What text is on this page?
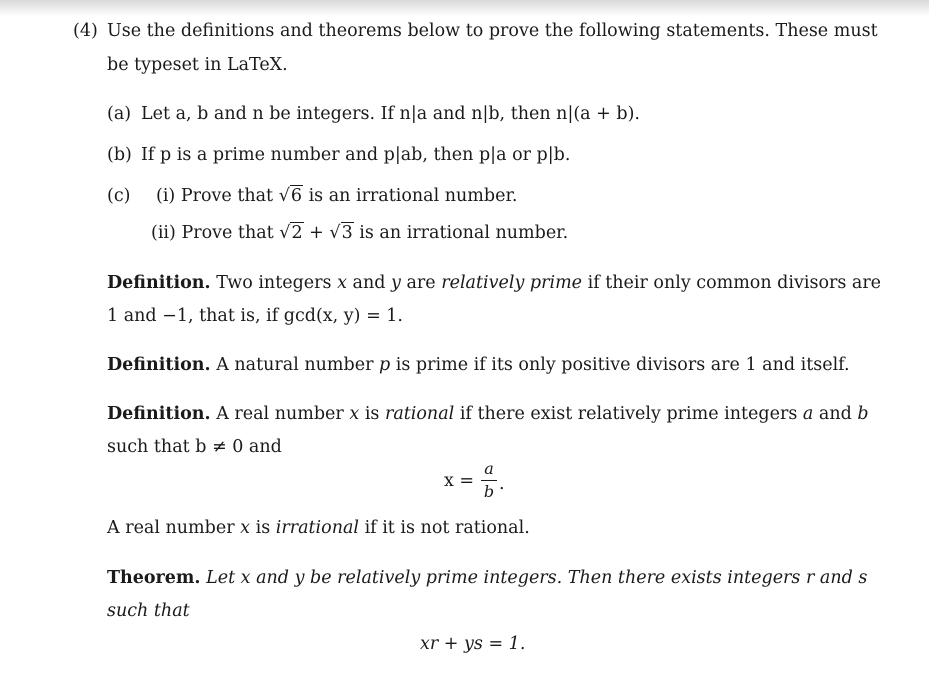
(4) Use the definitions and theorems below to prove the following statements. These must
be typeset in LaTeX.
(a) Let a, b and n be integers. If n|a and n|b, then n|(a + b).
(b) If p is a prime number and p|ab, then p|a or p|b.
(c) (i) Prove that √6 is an irrational number.
(ii) Prove that √2 + √3 is an irrational number.
Definition. Two integers x and y are relatively prime if their only common divisors are
1 and −1, that is, if gcd(x, y) = 1.
Definition. A natural number p is prime if its only positive divisors are 1 and itself.
Definition. A real number x is rational if there exist relatively prime integers a and b
such that b ≠ 0 and
x =
a
b .
A real number x is irrational if it is not rational.
Theorem. Let x and y be relatively prime integers. Then there exists integers r and s
such that
xr + ys = 1.
